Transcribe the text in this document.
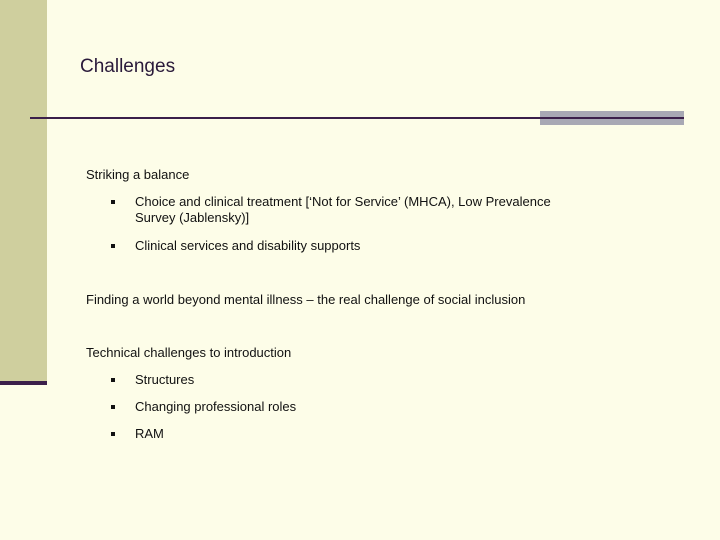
Challenges
Striking a balance
Choice and clinical treatment [‘Not for Service’ (MHCA), Low Prevalence
Survey (Jablensky)]
Clinical services and disability supports
Finding a world beyond mental illness – the real challenge of social inclusion
Technical challenges to introduction
Structures
Changing professional roles
RAM
